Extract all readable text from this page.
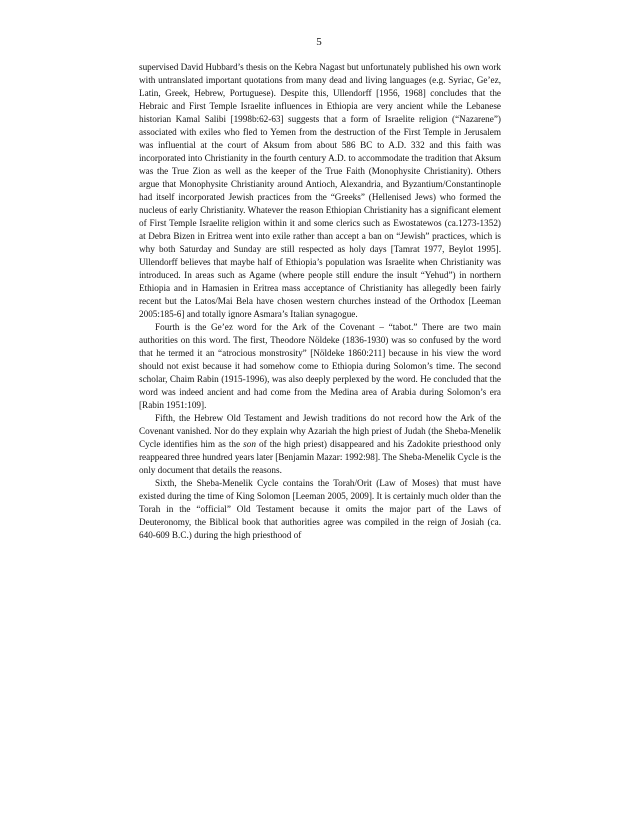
5

supervised David Hubbard’s thesis on the Kebra Nagast but unfortunately published his own work with untranslated important quotations from many dead and living languages (e.g. Syriac, Ge’ez, Latin, Greek, Hebrew, Portuguese). Despite this, Ullendorff [1956, 1968] concludes that the Hebraic and First Temple Israelite influences in Ethiopia are very ancient while the Lebanese historian Kamal Salibi [1998b:62-63] suggests that a form of Israelite religion (“Nazarene”) associated with exiles who fled to Yemen from the destruction of the First Temple in Jerusalem was influential at the court of Aksum from about 586 BC to A.D. 332 and this faith was incorporated into Christianity in the fourth century A.D. to accommodate the tradition that Aksum was the True Zion as well as the keeper of the True Faith (Monophysite Christianity). Others argue that Monophysite Christianity around Antioch, Alexandria, and Byzantium/Constantinople had itself incorporated Jewish practices from the “Greeks” (Hellenised Jews) who formed the nucleus of early Christianity. Whatever the reason Ethiopian Christianity has a significant element of First Temple Israelite religion within it and some clerics such as Ewostatewos (ca.1273-1352) at Debra Bizen in Eritrea went into exile rather than accept a ban on “Jewish” practices, which is why both Saturday and Sunday are still respected as holy days [Tamrat 1977, Beylot 1995]. Ullendorff believes that maybe half of Ethiopia’s population was Israelite when Christianity was introduced. In areas such as Agame (where people still endure the insult “Yehud”) in northern Ethiopia and in Hamasien in Eritrea mass acceptance of Christianity has allegedly been fairly recent but the Latos/Mai Bela have chosen western churches instead of the Orthodox [Leeman 2005:185-6] and totally ignore Asmara’s Italian synagogue.

Fourth is the Ge’ez word for the Ark of the Covenant – “tabot.” There are two main authorities on this word. The first, Theodore Nöldeke (1836-1930) was so confused by the word that he termed it an “atrocious monstrosity” [Nöldeke 1860:211] because in his view the word should not exist because it had somehow come to Ethiopia during Solomon’s time. The second scholar, Chaim Rabin (1915-1996), was also deeply perplexed by the word. He concluded that the word was indeed ancient and had come from the Medina area of Arabia during Solomon’s era [Rabin 1951:109].

Fifth, the Hebrew Old Testament and Jewish traditions do not record how the Ark of the Covenant vanished. Nor do they explain why Azariah the high priest of Judah (the Sheba-Menelik Cycle identifies him as the son of the high priest) disappeared and his Zadokite priesthood only reappeared three hundred years later [Benjamin Mazar: 1992:98]. The Sheba-Menelik Cycle is the only document that details the reasons.

Sixth, the Sheba-Menelik Cycle contains the Torah/Orit (Law of Moses) that must have existed during the time of King Solomon [Leeman 2005, 2009]. It is certainly much older than the Torah in the “official” Old Testament because it omits the major part of the Laws of Deuteronomy, the Biblical book that authorities agree was compiled in the reign of Josiah (ca. 640-609 B.C.) during the high priesthood of
